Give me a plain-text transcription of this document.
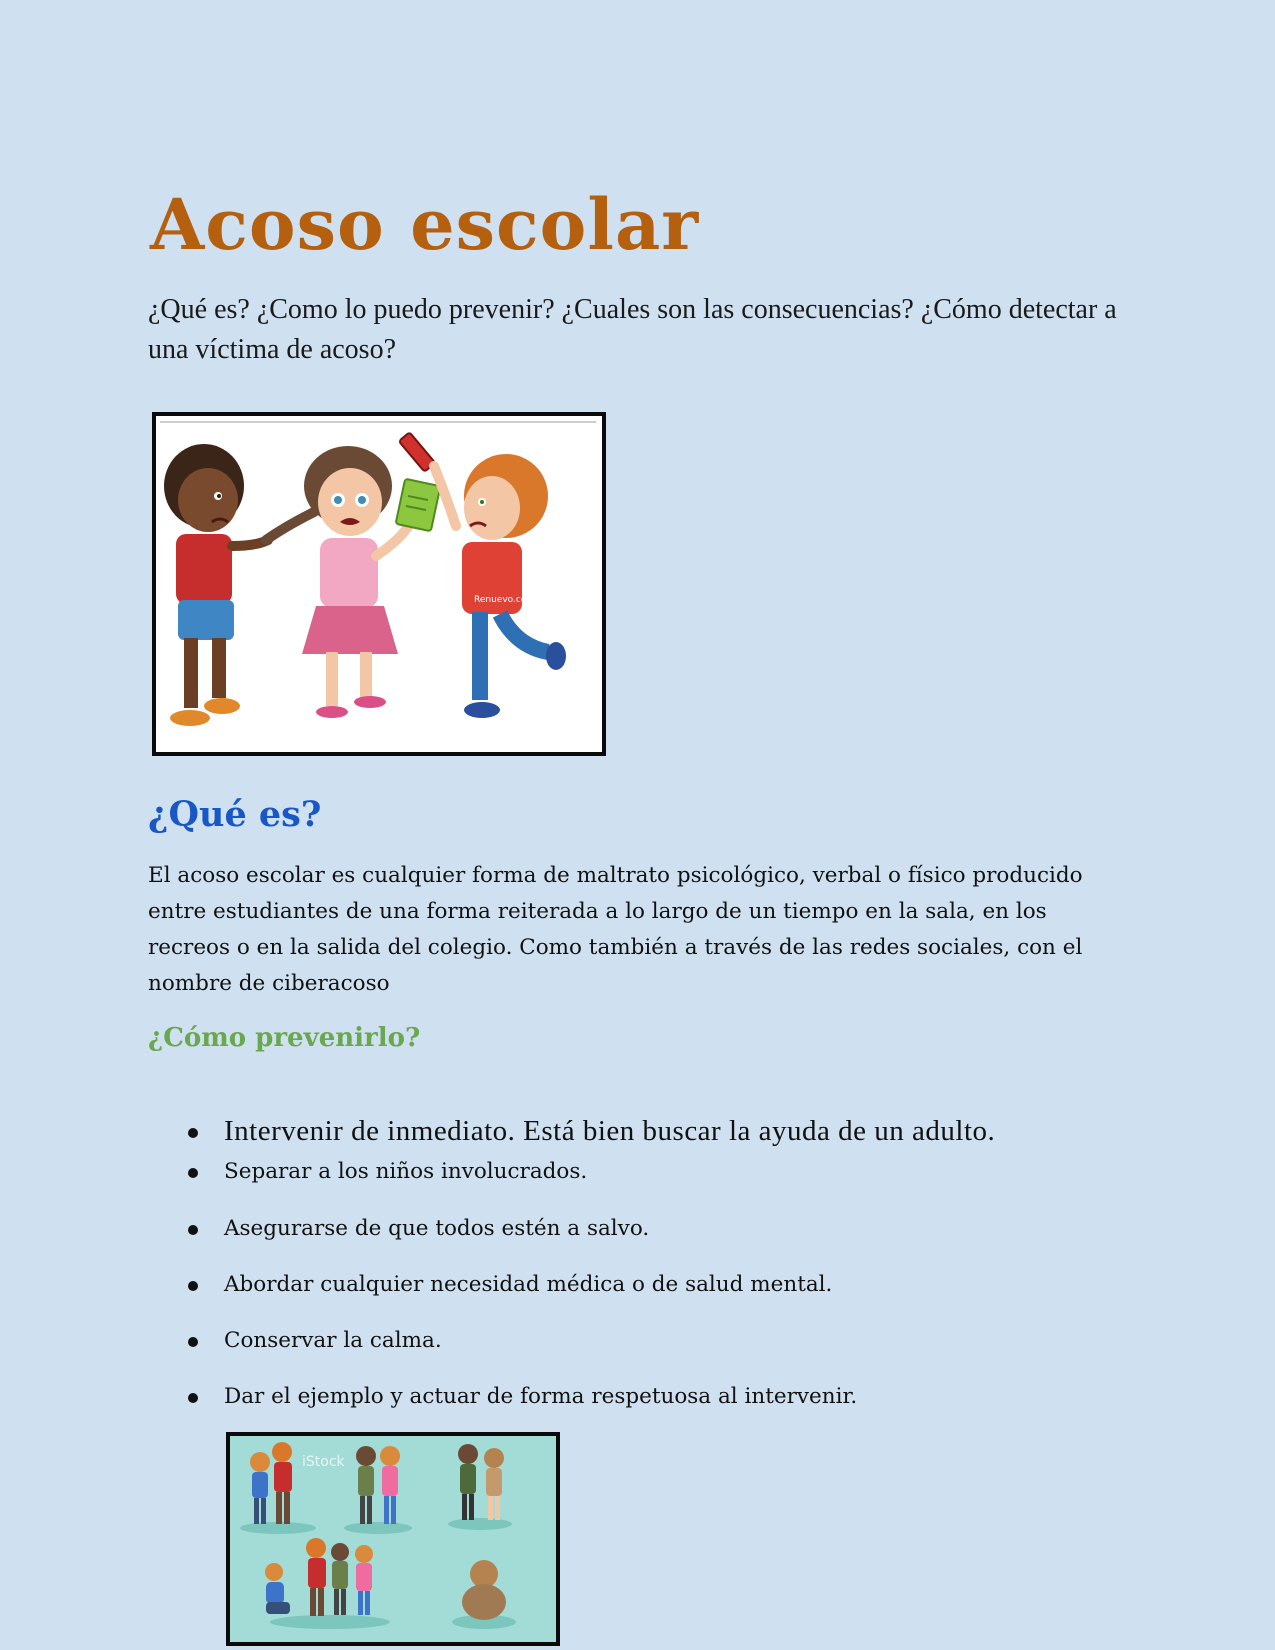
Acoso escolar

¿Qué es? ¿Como lo puedo prevenir? ¿Cuales son las consecuencias? ¿Cómo detectar a una víctima de acoso?

Renuevo.com
¿Qué es?

El acoso escolar es cualquier forma de maltrato psicológico, verbal o físico producido entre estudiantes de una forma reiterada a lo largo de un tiempo en la sala, en los recreos o en la salida del colegio. Como también a través de las redes sociales, con el nombre de ciberacoso

¿Cómo prevenirlo?
Intervenir de inmediato. Está bien buscar la ayuda de un adulto.
Separar a los niños involucrados.
Asegurarse de que todos estén a salvo.
Abordar cualquier necesidad médica o de salud mental.
Conservar la calma.
Dar el ejemplo y actuar de forma respetuosa al intervenir.
iStock
